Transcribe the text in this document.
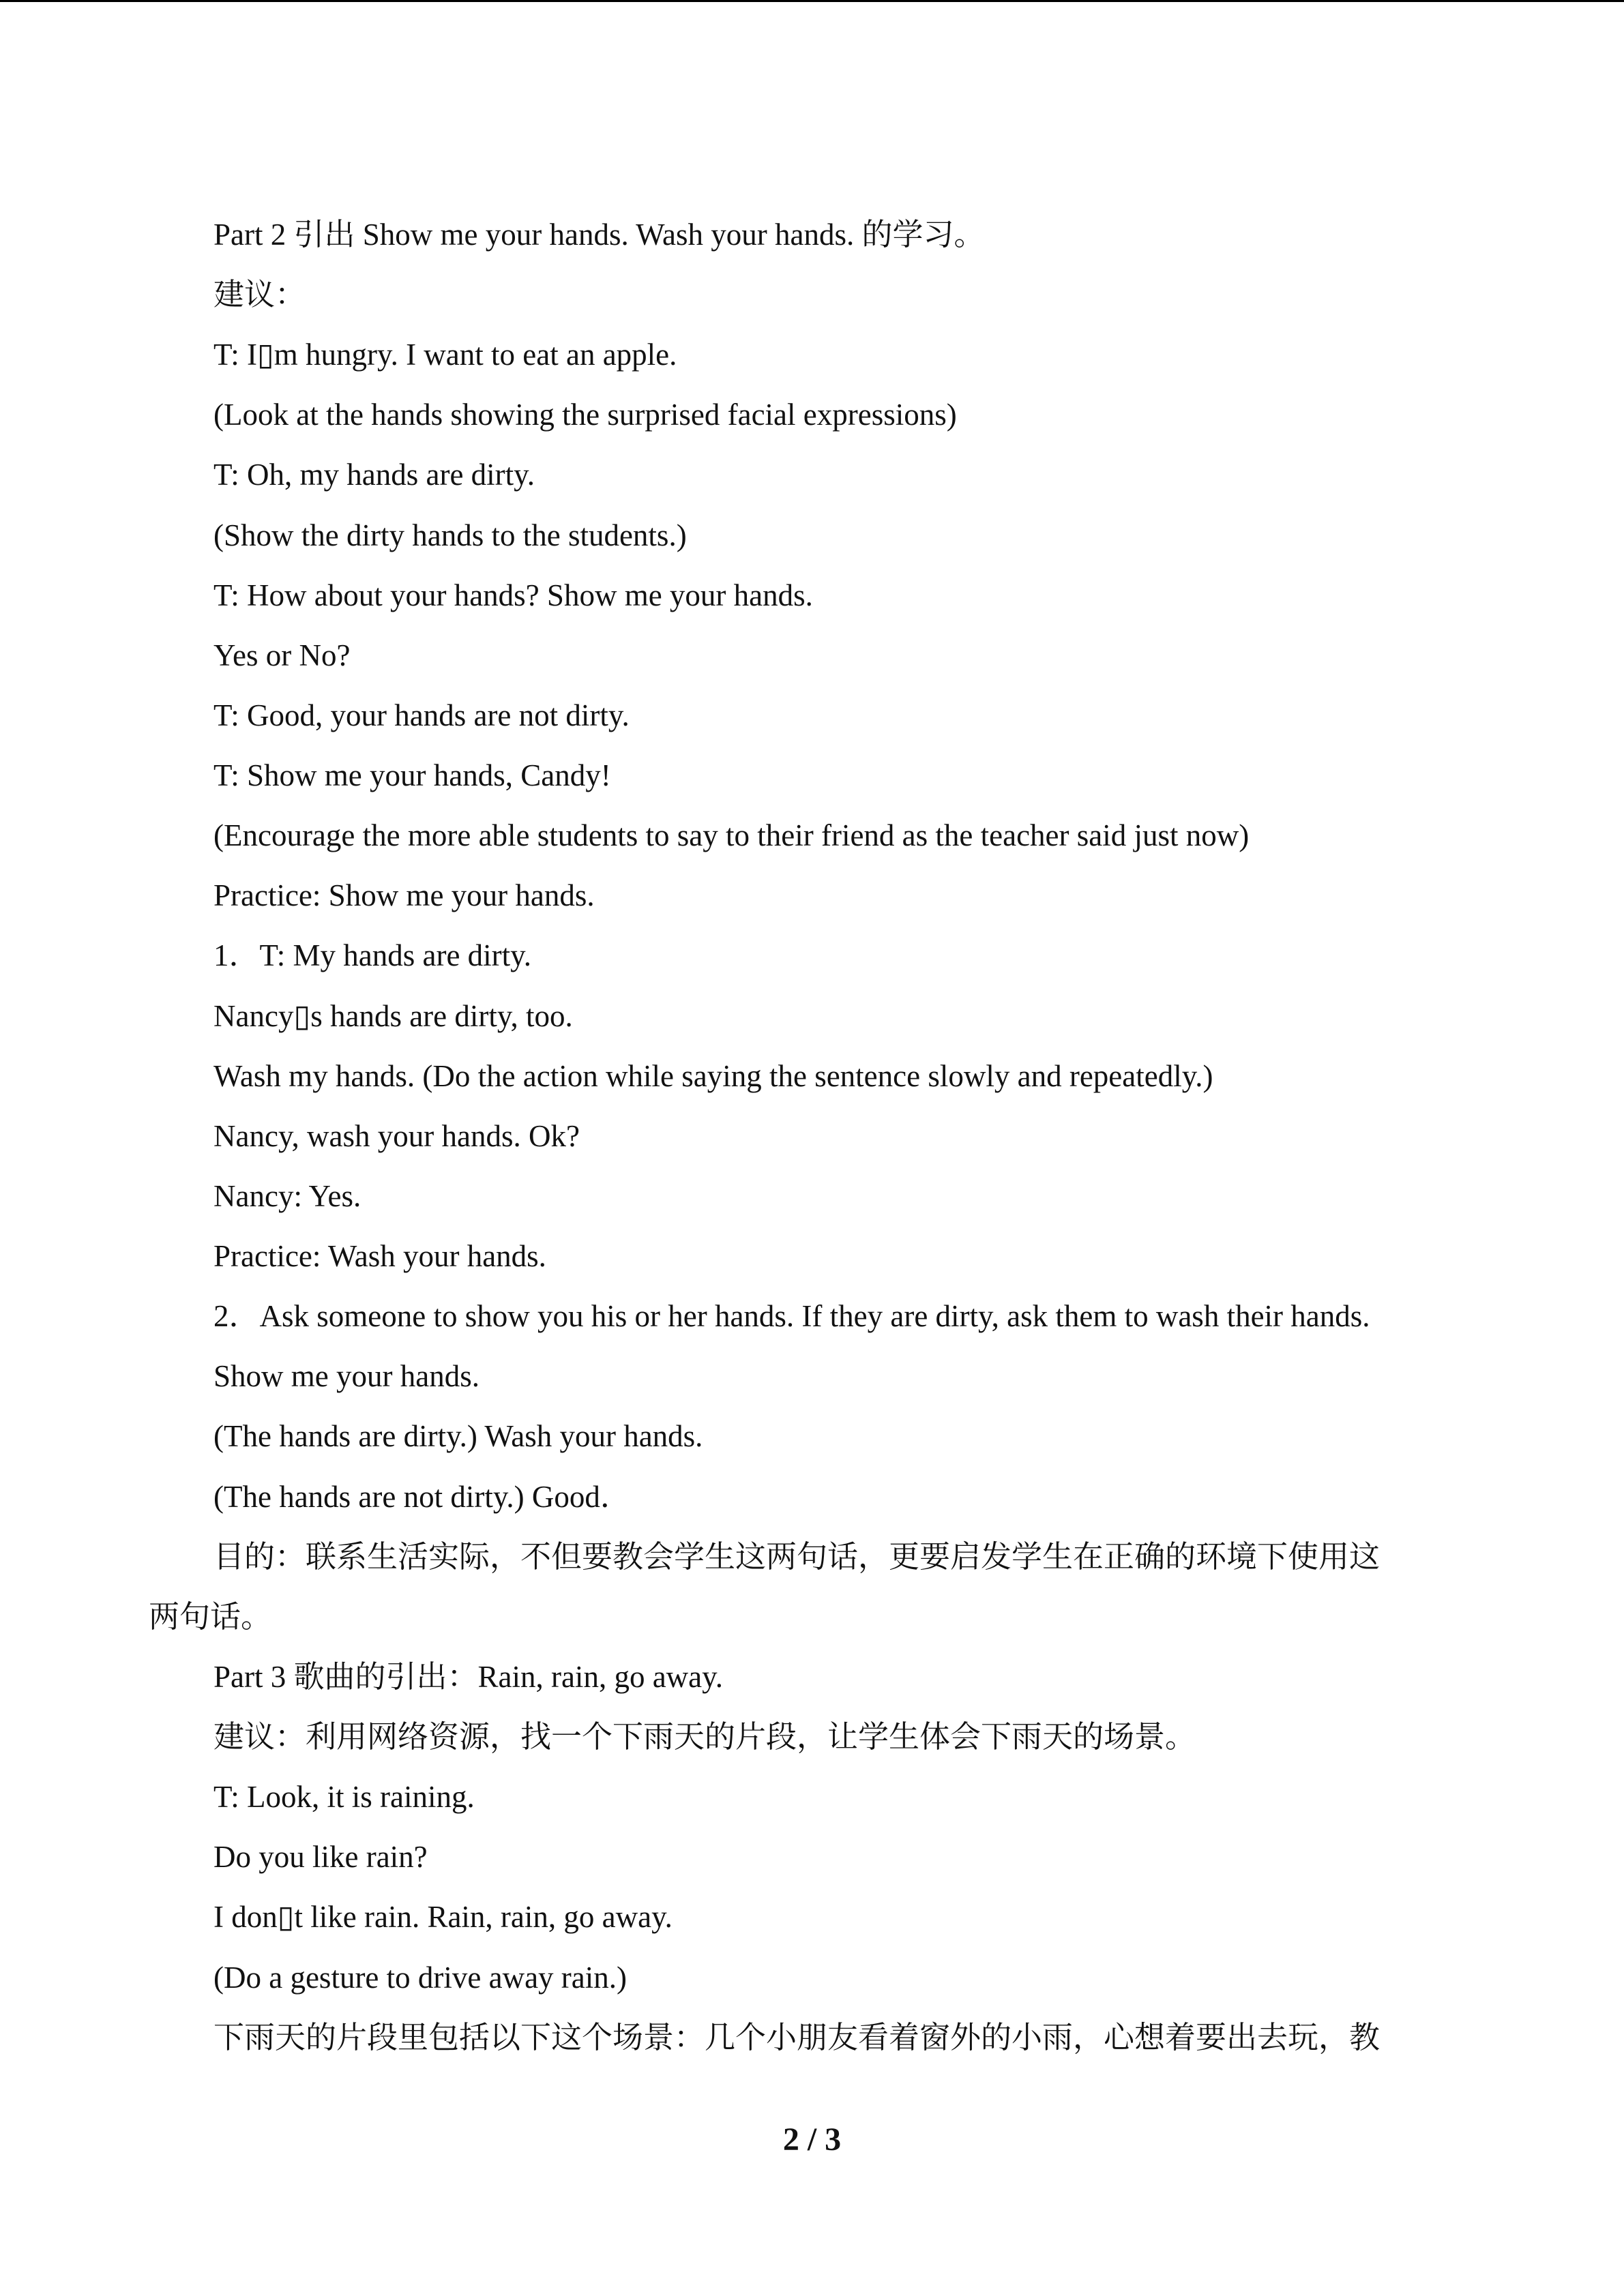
Part 2 引出 Show me your hands. Wash your hands. 的学习。
建议：
T: I▯m hungry. I want to eat an apple.
(Look at the hands showing the surprised facial expressions)
T: Oh, my hands are dirty.
(Show the dirty hands to the students.)
T: How about your hands? Show me your hands.
Yes or No?
T: Good, your hands are not dirty.
T: Show me your hands, Candy!
(Encourage the more able students to say to their friend as the teacher said just now)
Practice: Show me your hands.
1．T: My hands are dirty.
Nancy▯s hands are dirty, too.
Wash my hands. (Do the action while saying the sentence slowly and repeatedly.)
Nancy, wash your hands. Ok?
Nancy: Yes.
Practice: Wash your hands.
2．Ask someone to show you his or her hands. If they are dirty, ask them to wash their hands.
Show me your hands.
(The hands are dirty.) Wash your hands.
(The hands are not dirty.) Good．
目的：联系生活实际，不但要教会学生这两句话，更要启发学生在正确的环境下使用这
两句话。
Part 3 歌曲的引出：Rain, rain, go away.
建议：利用网络资源，找一个下雨天的片段，让学生体会下雨天的场景。
T: Look, it is raining.
Do you like rain?
I don▯t like rain. Rain, rain, go away.
(Do a gesture to drive away rain.)
下雨天的片段里包括以下这个场景：几个小朋友看着窗外的小雨，心想着要出去玩，教
2 / 3
